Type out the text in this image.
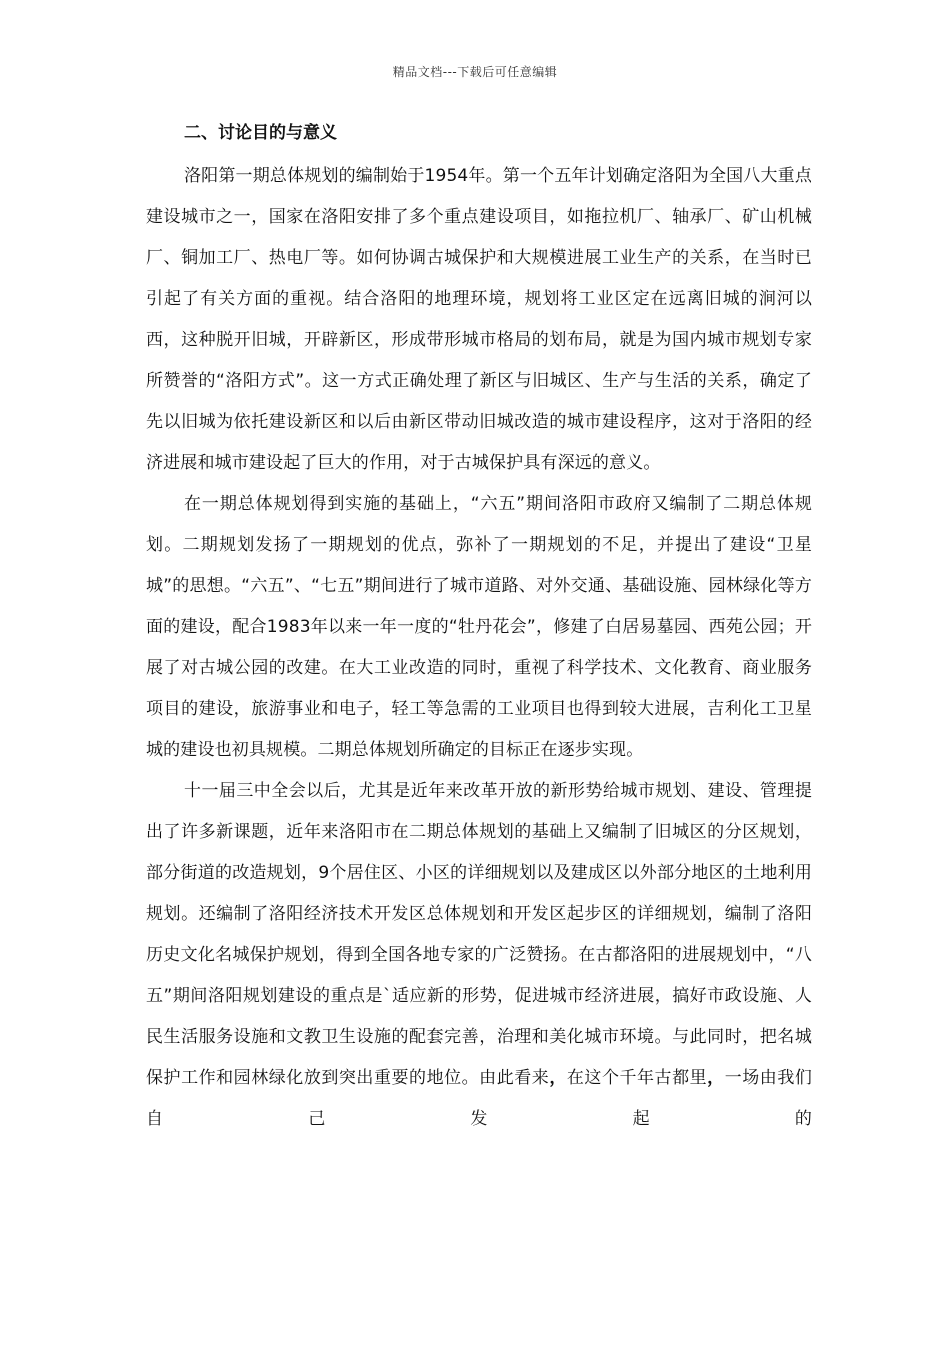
精品文档---下载后可任意编辑
二、讨论目的与意义

洛阳第一期总体规划的编制始于1954年。第一个五年计划确定洛阳为全国八大重点建设城市之一，国家在洛阳安排了多个重点建设项目，如拖拉机厂、轴承厂、矿山机械厂、铜加工厂、热电厂等。如何协调古城保护和大规模进展工业生产的关系，在当时已引起了有关方面的重视。结合洛阳的地理环境，规划将工业区定在远离旧城的涧河以西，这种脱开旧城，开辟新区，形成带形城市格局的划布局，就是为国内城市规划专家所赞誉的“洛阳方式”。这一方式正确处理了新区与旧城区、生产与生活的关系，确定了先以旧城为依托建设新区和以后由新区带动旧城改造的城市建设程序，这对于洛阳的经济进展和城市建设起了巨大的作用，对于古城保护具有深远的意义。

在一期总体规划得到实施的基础上，“六五”期间洛阳市政府又编制了二期总体规划。二期规划发扬了一期规划的优点，弥补了一期规划的不足，并提出了建设“卫星城”的思想。“六五”、“七五”期间进行了城市道路、对外交通、基础设施、园林绿化等方面的建设，配合1983年以来一年一度的“牡丹花会”，修建了白居易墓园、西苑公园；开展了对古城公园的改建。在大工业改造的同时，重视了科学技术、文化教育、商业服务项目的建设，旅游事业和电子，轻工等急需的工业项目也得到较大进展，吉利化工卫星城的建设也初具规模。二期总体规划所确定的目标正在逐步实现。

十一届三中全会以后，尤其是近年来改革开放的新形势给城市规划、建设、管理提出了许多新课题，近年来洛阳市在二期总体规划的基础上又编制了旧城区的分区规划，部分街道的改造规划，9个居住区、小区的详细规划以及建成区以外部分地区的土地利用规划。还编制了洛阳经济技术开发区总体规划和开发区起步区的详细规划，编制了洛阳历史文化名城保护规划，得到全国各地专家的广泛赞扬。在古都洛阳的进展规划中，“八五”期间洛阳规划建设的重点是`适应新的形势，促进城市经济进展，搞好市政设施、人民生活服务设施和文教卫生设施的配套完善，治理和美化城市环境。与此同时，把名城保护工作和园林绿化放到突出重要的地位。由此看来，在这个千年古都里，一场由我们自己发起的
